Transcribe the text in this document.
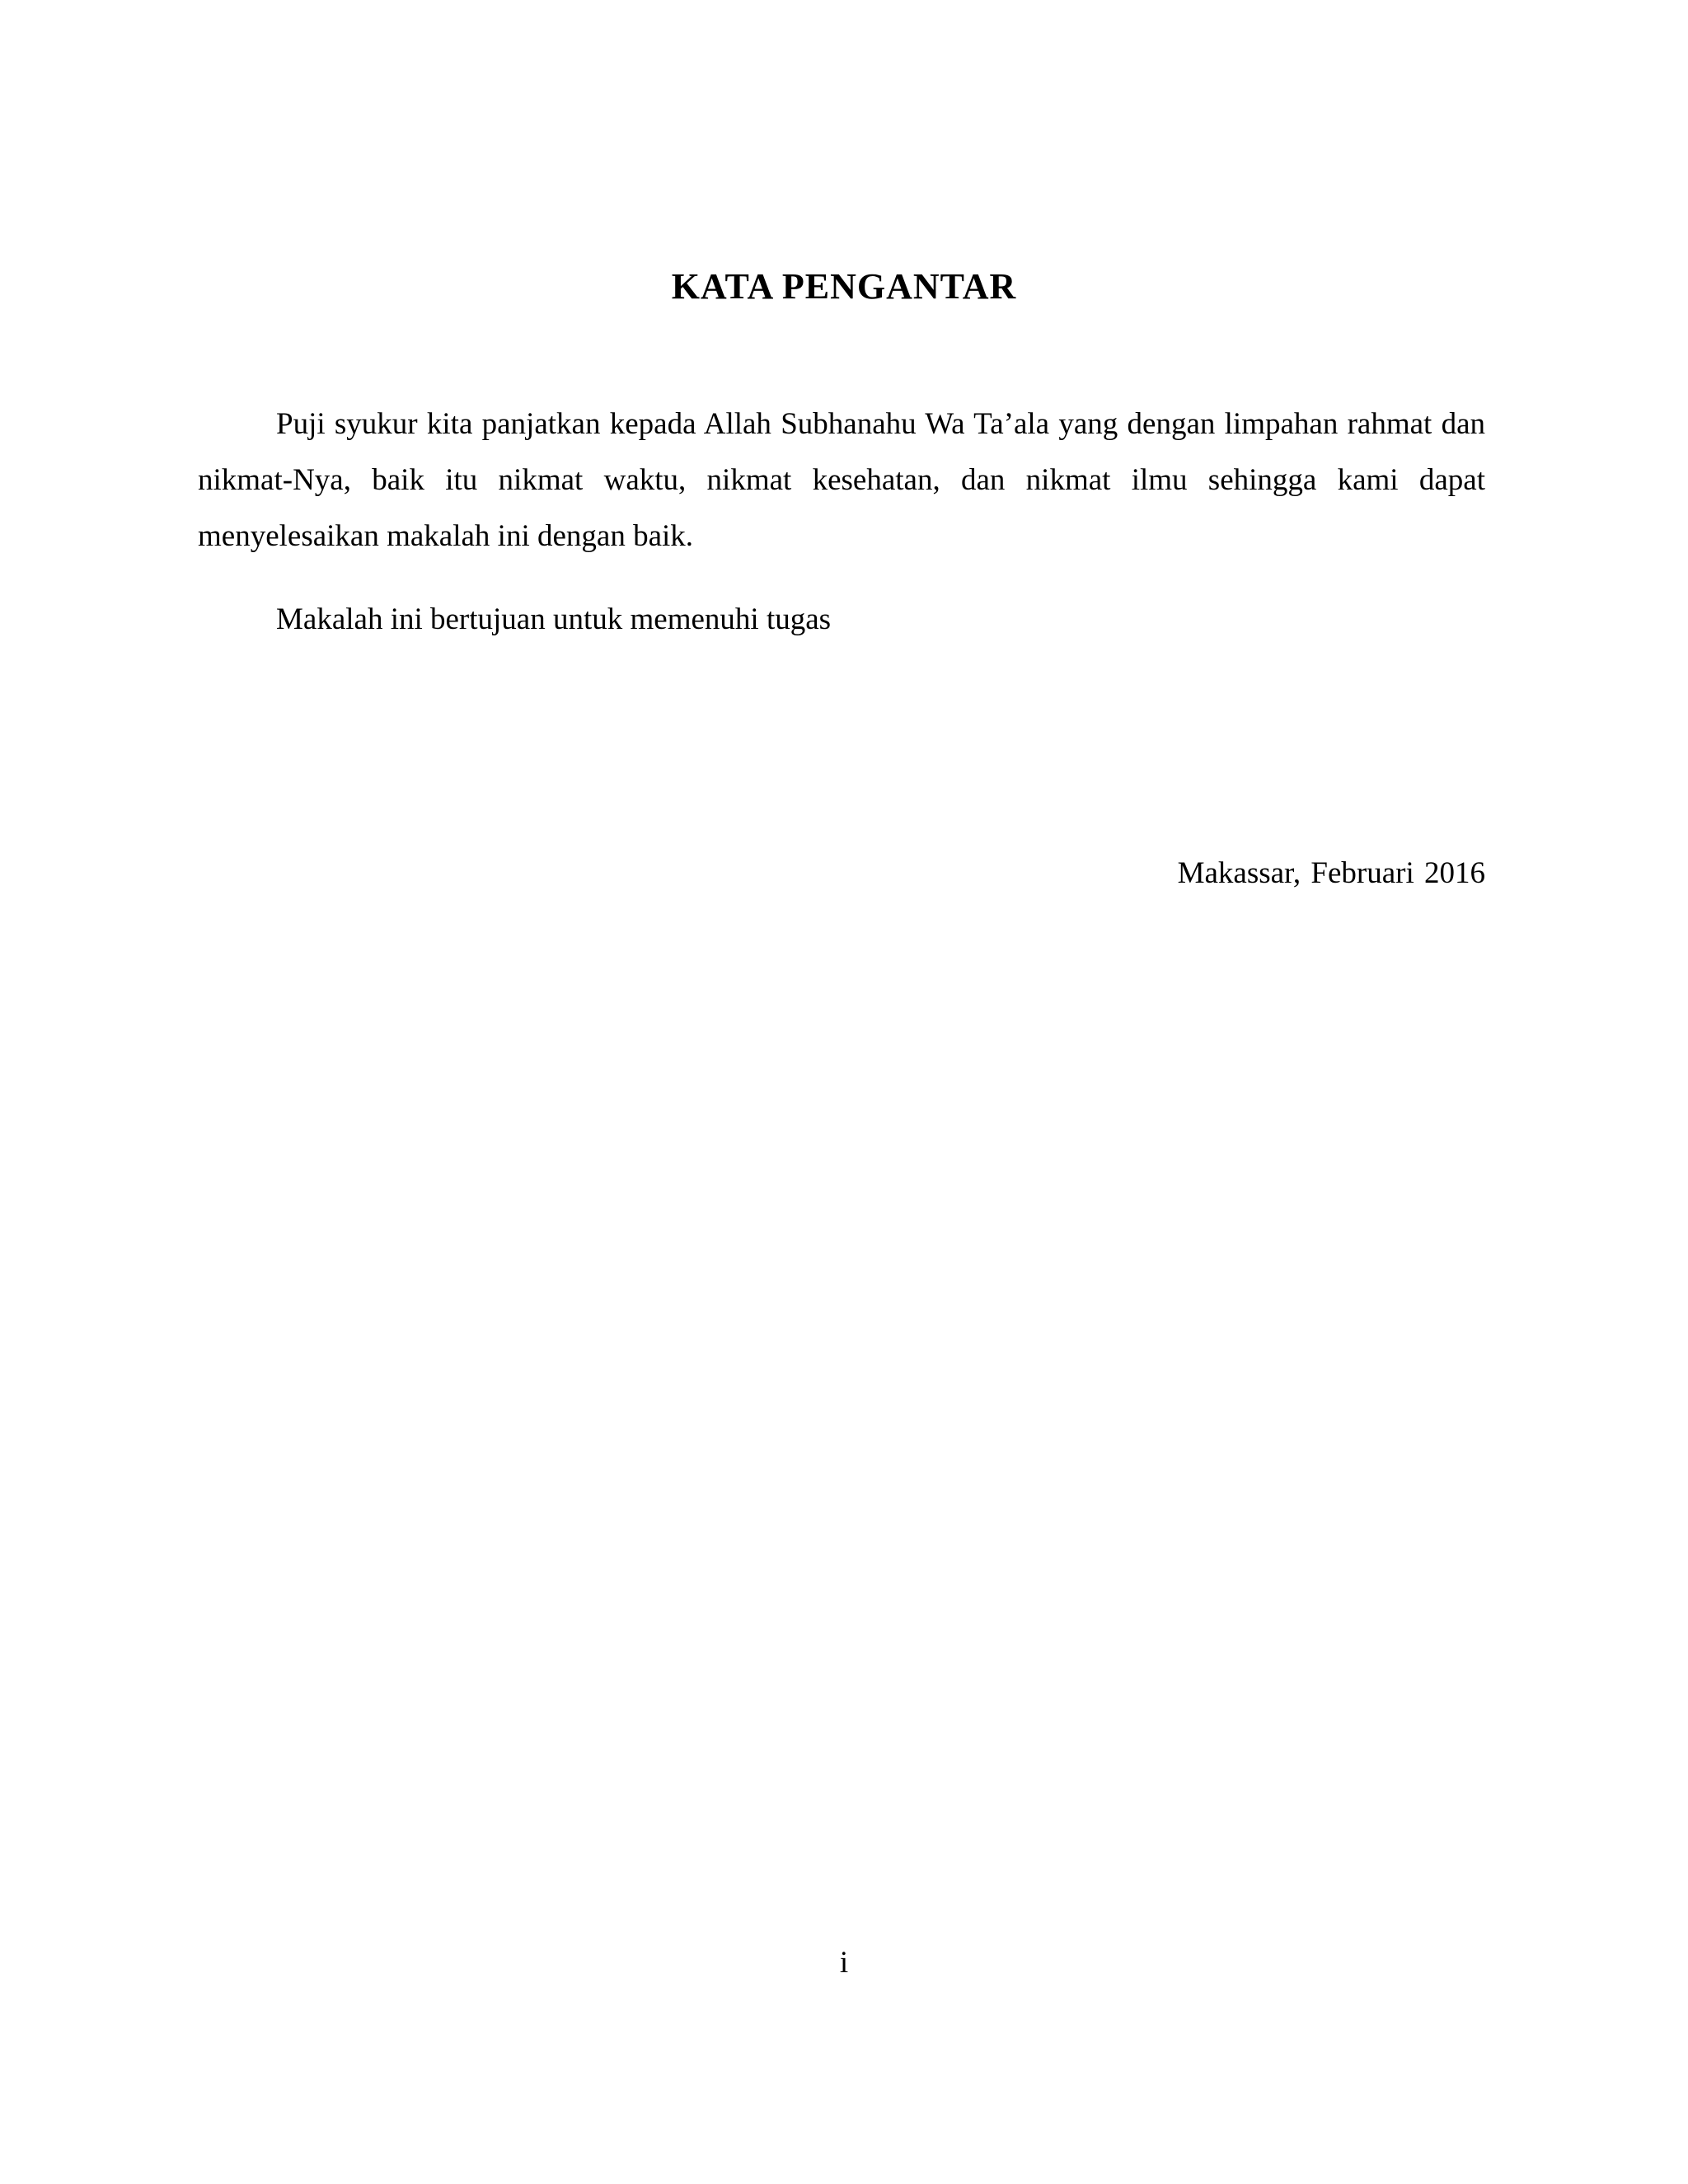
KATA PENGANTAR

Puji syukur kita panjatkan kepada Allah Subhanahu Wa Ta’ala yang dengan limpahan rahmat dan nikmat-Nya, baik itu nikmat waktu, nikmat kesehatan, dan nikmat ilmu sehingga kami dapat menyelesaikan makalah ini dengan baik.

Makalah ini bertujuan untuk memenuhi tugas

Makassar, Februari 2016

i
